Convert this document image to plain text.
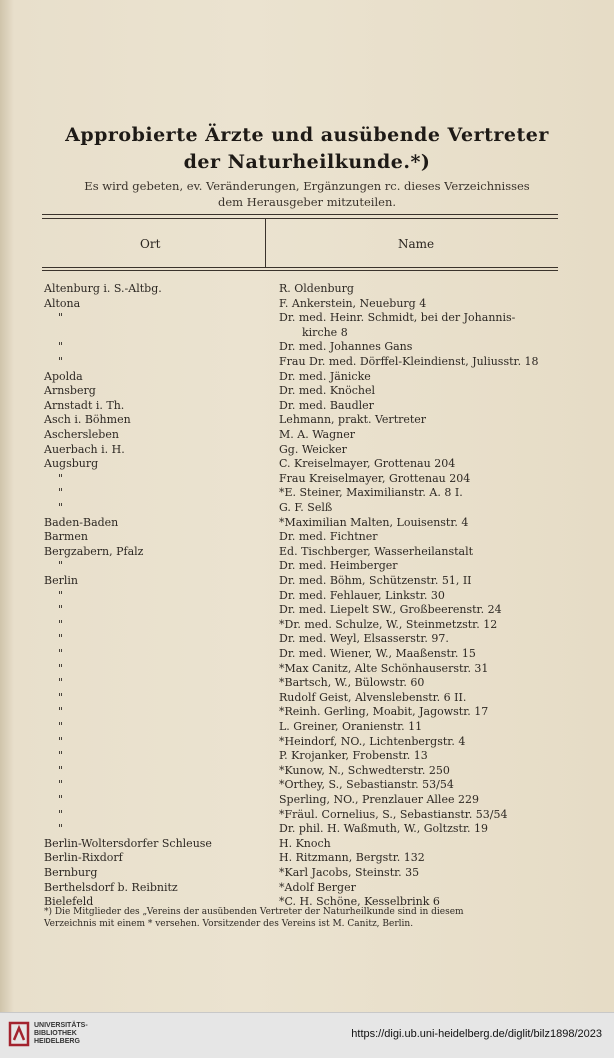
Approbierte Ärzte und ausübende Vertreter
der Naturheilkunde.*)
Es wird gebeten, ev. Veränderungen, Ergänzungen rc. dieses Verzeichnisses
dem Herausgeber mitzuteilen.
Ort	Name
Altenburg i. S.-Altbg.	R. Oldenburg
Altona	F. Ankerstein, Neueburg 4
"	Dr. med. Heinr. Schmidt, bei der Johannis-
kirche 8
"	Dr. med. Johannes Gans
"	Frau Dr. med. Dörffel-Kleindienst, Juliusstr. 18
Apolda	Dr. med. Jänicke
Arnsberg	Dr. med. Knöchel
Arnstadt i. Th.	Dr. med. Baudler
Asch i. Böhmen	Lehmann, prakt. Vertreter
Aschersleben	M. A. Wagner
Auerbach i. H.	Gg. Weicker
Augsburg	C. Kreiselmayer, Grottenau 204
"	Frau Kreiselmayer, Grottenau 204
"	*E. Steiner, Maximilianstr. A. 8 I.
"	G. F. Selß
Baden-Baden	*Maximilian Malten, Louisenstr. 4
Barmen	Dr. med. Fichtner
Bergzabern, Pfalz	Ed. Tischberger, Wasserheilanstalt
"	Dr. med. Heimberger
Berlin	Dr. med. Böhm, Schützenstr. 51, II
"	Dr. med. Fehlauer, Linkstr. 30
"	Dr. med. Liepelt SW., Großbeerenstr. 24
"	*Dr. med. Schulze, W., Steinmetzstr. 12
"	Dr. med. Weyl, Elsasserstr. 97.
"	Dr. med. Wiener, W., Maaßenstr. 15
"	*Max Canitz, Alte Schönhauserstr. 31
"	*Bartsch, W., Bülowstr. 60
"	Rudolf Geist, Alvenslebenstr. 6 II.
"	*Reinh. Gerling, Moabit, Jagowstr. 17
"	L. Greiner, Oranienstr. 11
"	*Heindorf, NO., Lichtenbergstr. 4
"	P. Krojanker, Frobenstr. 13
"	*Kunow, N., Schwedterstr. 250
"	*Orthey, S., Sebastianstr. 53/54
"	Sperling, NO., Prenzlauer Allee 229
"	*Fräul. Cornelius, S., Sebastianstr. 53/54
"	Dr. phil. H. Waßmuth, W., Goltzstr. 19
Berlin-Woltersdorfer Schleuse	H. Knoch
Berlin-Rixdorf	H. Ritzmann, Bergstr. 132
Bernburg	*Karl Jacobs, Steinstr. 35
Berthelsdorf b. Reibnitz	*Adolf Berger
Bielefeld	*C. H. Schöne, Kesselbrink 6
*) Die Mitglieder des „Vereins der ausübenden Vertreter der Naturheilkunde sind in diesem
Verzeichnis mit einem * versehen. Vorsitzender des Vereins ist M. Canitz, Berlin.
UNIVERSITÄTS-
BIBLIOTHEK
HEIDELBERG
https://digi.ub.uni-heidelberg.de/diglit/bilz1898/2023
